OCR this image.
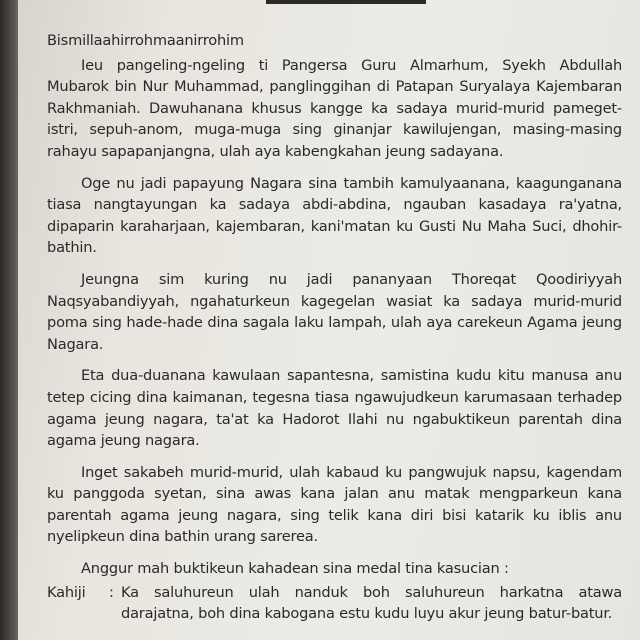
Bismillaahirrohmaanirrohim

Ieu pangeling-ngeling ti Pangersa Guru Almarhum, Syekh Abdullah Mubarok bin Nur Muhammad, panglinggihan di Patapan Suryalaya Kajembaran Rakhmaniah. Dawuhanana khusus kangge ka sadaya murid-murid pameget-istri, sepuh-anom, muga-muga sing ginanjar kawilujengan, masing-masing rahayu sapapanjangna, ulah aya kabengkahan jeung sadayana.

Oge nu jadi papayung Nagara sina tambih kamulyaanana, kaagunganana tiasa nangtayungan ka sadaya abdi-abdina, ngauban kasadaya ra'yatna, dipaparin karaharjaan, kajembaran, kani'matan ku Gusti Nu Maha Suci, dhohir-bathin.

Jeungna sim kuring nu jadi pananyaan Thoreqat Qoodiriyyah Naqsyabandiyyah, ngahaturkeun kagegelan wasiat ka sadaya murid-murid poma sing hade-hade dina sagala laku lampah, ulah aya carekeun Agama jeung Nagara.

Eta dua-duanana kawulaan sapantesna, samistina kudu kitu manusa anu tetep cicing dina kaimanan, tegesna tiasa ngawujudkeun karumasaan terhadep agama jeung nagara, ta'at ka Hadorot Ilahi nu ngabuktikeun parentah dina agama jeung nagara.

Inget sakabeh murid-murid, ulah kabaud ku pangwujuk napsu, kagendam ku panggoda syetan, sina awas kana jalan anu matak mengparkeun kana parentah agama jeung nagara, sing telik kana diri bisi katarik ku iblis anu nyelipkeun dina bathin urang sarerea.

Anggur mah buktikeun kahadean sina medal tina kasucian :

Kahiji	: Ka saluhureun ulah nanduk boh saluhureun harkatna atawa darajatna, boh dina kabogana estu kudu luyu akur jeung batur-batur.
